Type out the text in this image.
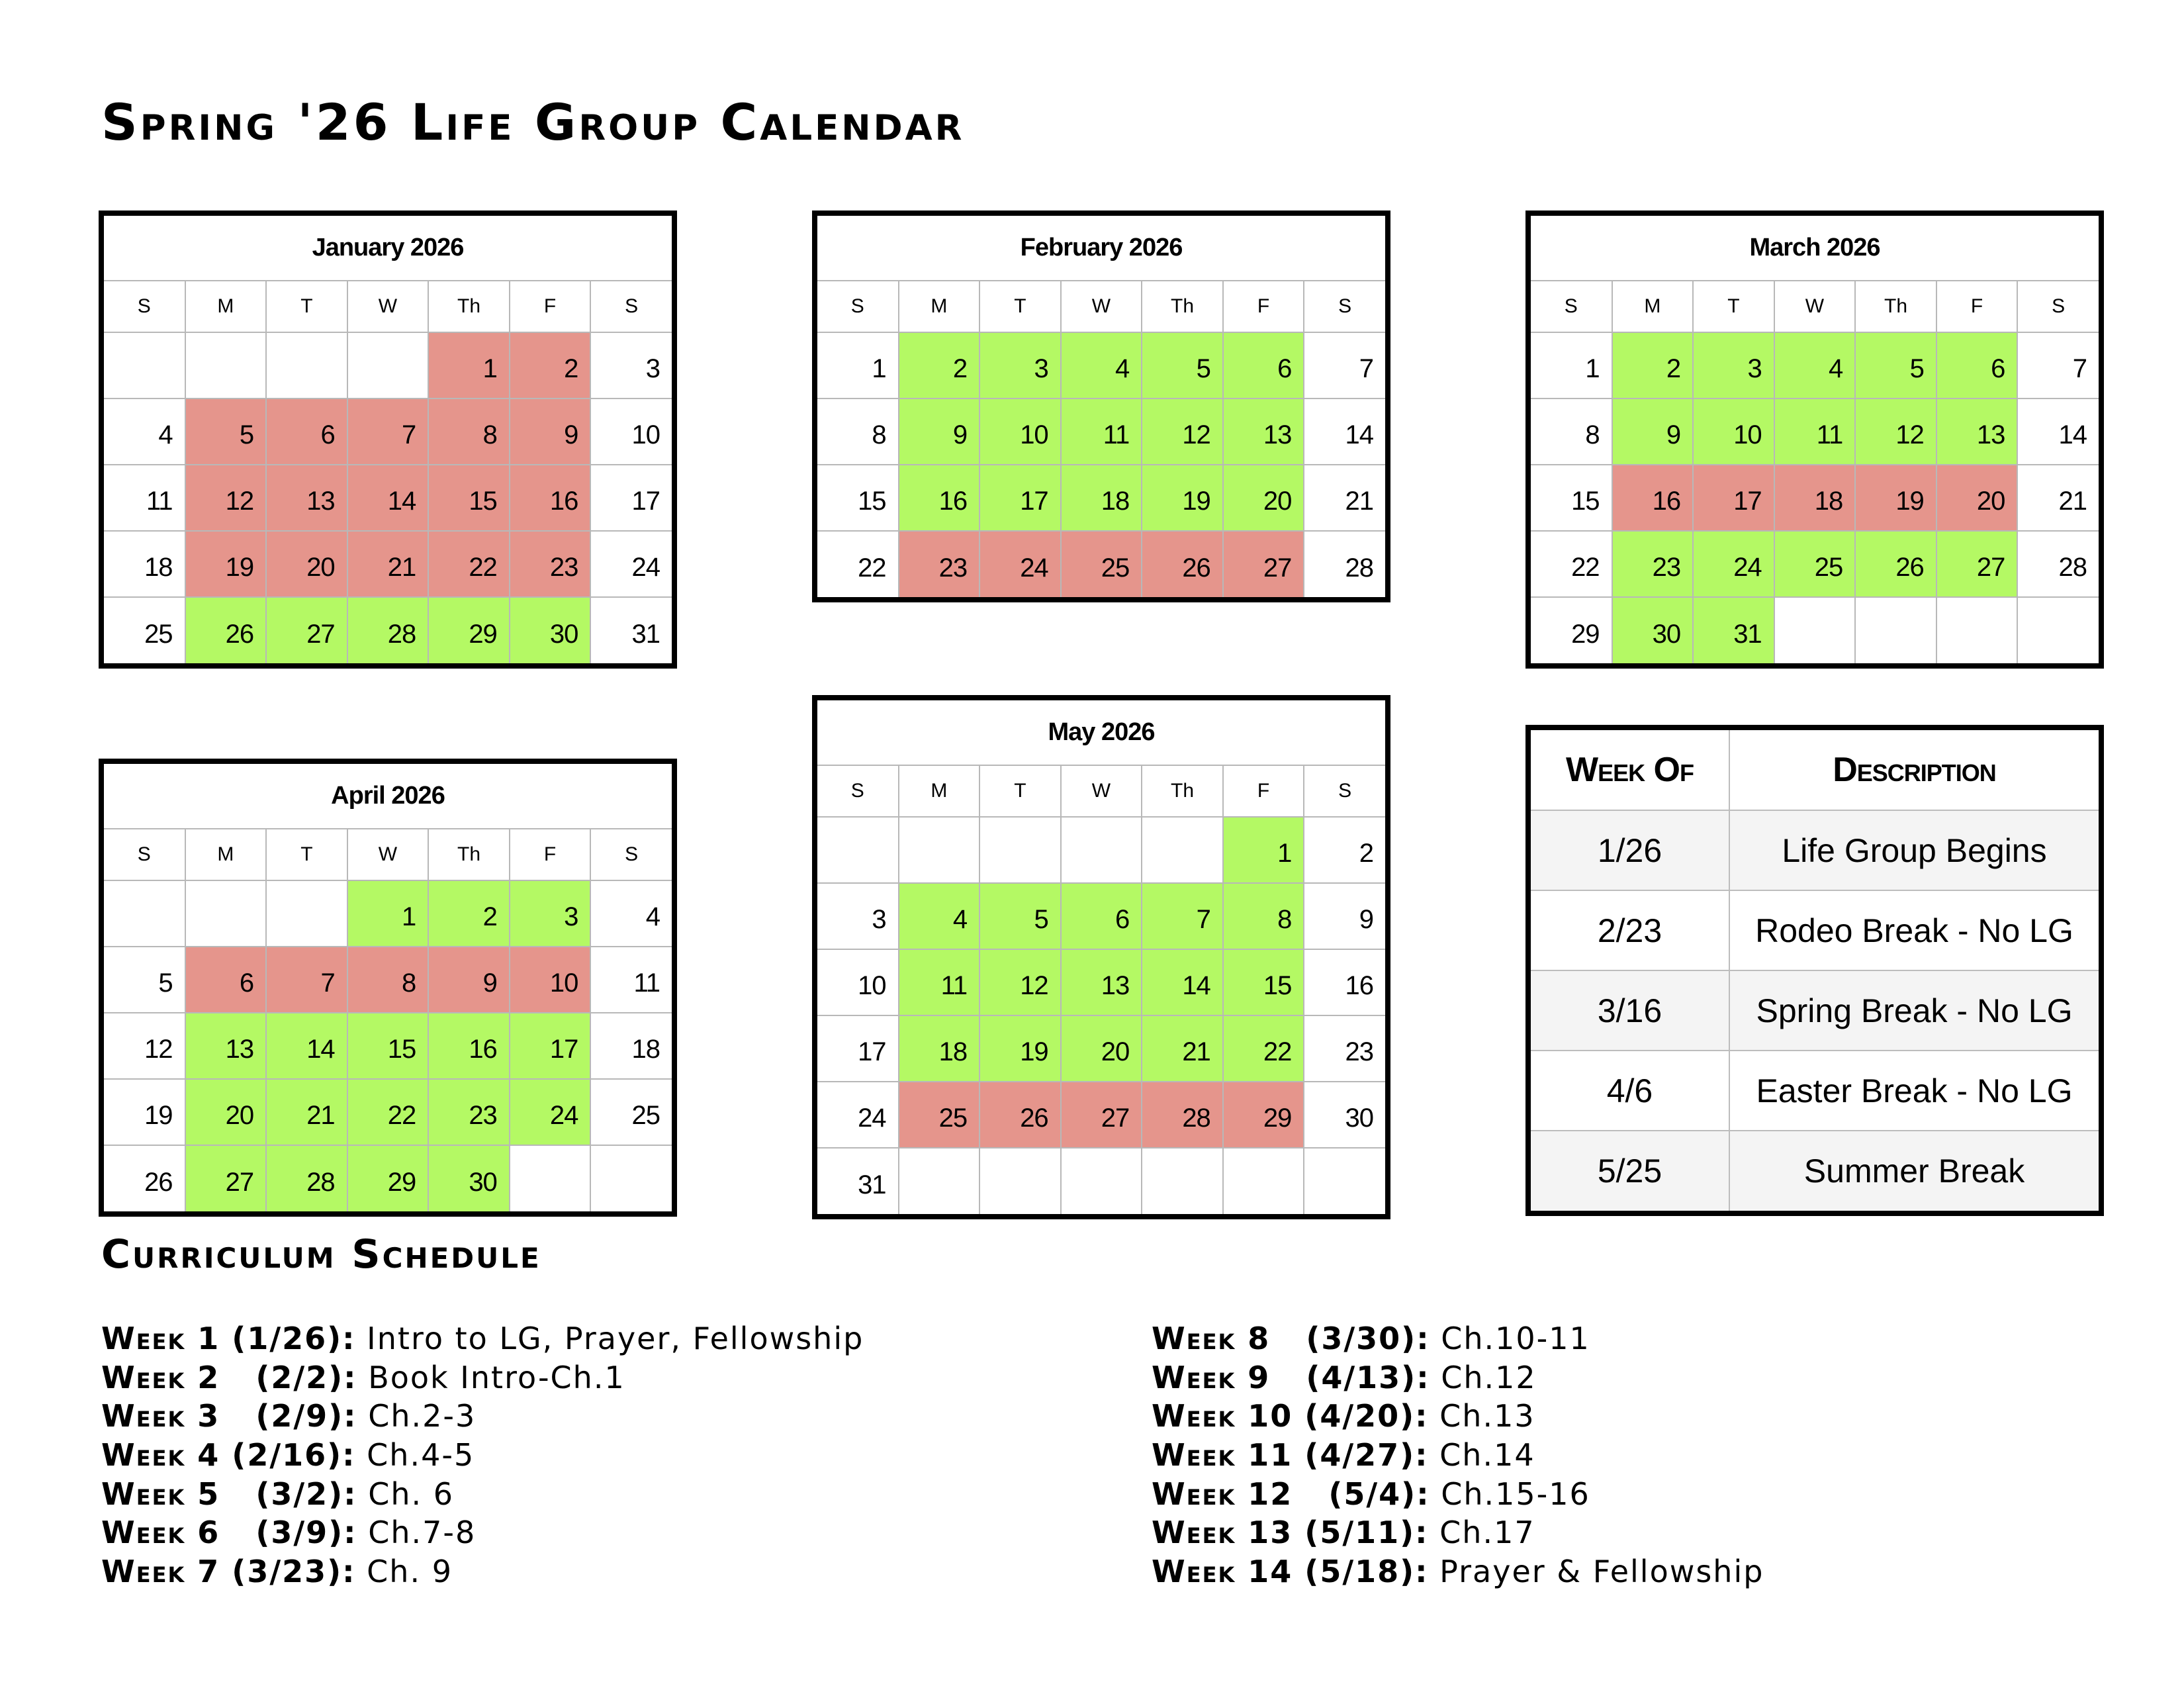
Spring '26 Life Group Calendar
January 2026						
S	M	T	W	Th	F	S
				1	2	3
4	5	6	7	8	9	10
11	12	13	14	15	16	17
18	19	20	21	22	23	24
25	26	27	28	29	30	31
February 2026						
S	M	T	W	Th	F	S
1	2	3	4	5	6	7
8	9	10	11	12	13	14
15	16	17	18	19	20	21
22	23	24	25	26	27	28
March 2026						
S	M	T	W	Th	F	S
1	2	3	4	5	6	7
8	9	10	11	12	13	14
15	16	17	18	19	20	21
22	23	24	25	26	27	28
29	30	31				
April 2026						
S	M	T	W	Th	F	S
			1	2	3	4
5	6	7	8	9	10	11
12	13	14	15	16	17	18
19	20	21	22	23	24	25
26	27	28	29	30		
May 2026						
S	M	T	W	Th	F	S
					1	2
3	4	5	6	7	8	9
10	11	12	13	14	15	16
17	18	19	20	21	22	23
24	25	26	27	28	29	30
31						
Week Of	Description
1/26	Life Group Begins
2/23	Rodeo Break - No LG
3/16	Spring Break - No LG
4/6	Easter Break - No LG
5/25	Summer Break
Curriculum Schedule
Week 1 (1/26): Intro to LG, Prayer, Fellowship
Week 2   (2/2): Book Intro-Ch.1
Week 3   (2/9): Ch.2-3
Week 4 (2/16): Ch.4-5
Week 5   (3/2): Ch. 6
Week 6   (3/9): Ch.7-8
Week 7 (3/23): Ch. 9
Week 8   (3/30): Ch.10-11
Week 9   (4/13): Ch.12
Week 10 (4/20): Ch.13
Week 11 (4/27): Ch.14
Week 12   (5/4): Ch.15-16
Week 13 (5/11): Ch.17
Week 14 (5/18): Prayer & Fellowship
